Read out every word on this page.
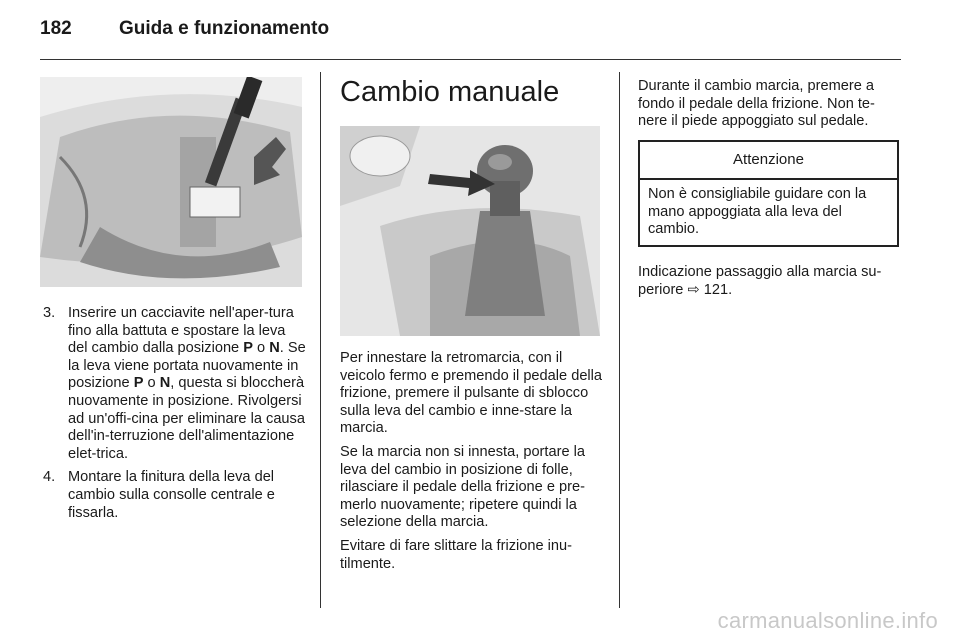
182 Guida e funzionamento
3. Inserire un cacciavite nell'aper-tura fino alla battuta e spostare la leva del cambio dalla posizione P o N. Se la leva viene portata nuovamente in posizione P o N, questa si bloccherà nuovamente in posizione. Rivolgersi ad un'offi-cina per eliminare la causa dell'in-terruzione dell'alimentazione elet-trica.
4. Montare la finitura della leva del cambio sulla consolle centrale e fissarla.
Cambio manuale

Per innestare la retromarcia, con il veicolo fermo e premendo il pedale della frizione, premere il pulsante di sblocco sulla leva del cambio e inne-stare la marcia.

Se la marcia non si innesta, portare la leva del cambio in posizione di folle, rilasciare il pedale della frizione e pre-merlo nuovamente; ripetere quindi la selezione della marcia.

Evitare di fare slittare la frizione inu-tilmente.

Durante il cambio marcia, premere a fondo il pedale della frizione. Non te-nere il piede appoggiato sul pedale.
Attenzione
Non è consigliabile guidare con la mano appoggiata alla leva del cambio.
Indicazione passaggio alla marcia su-periore ⇨ 121.
carmanualsonline.info
